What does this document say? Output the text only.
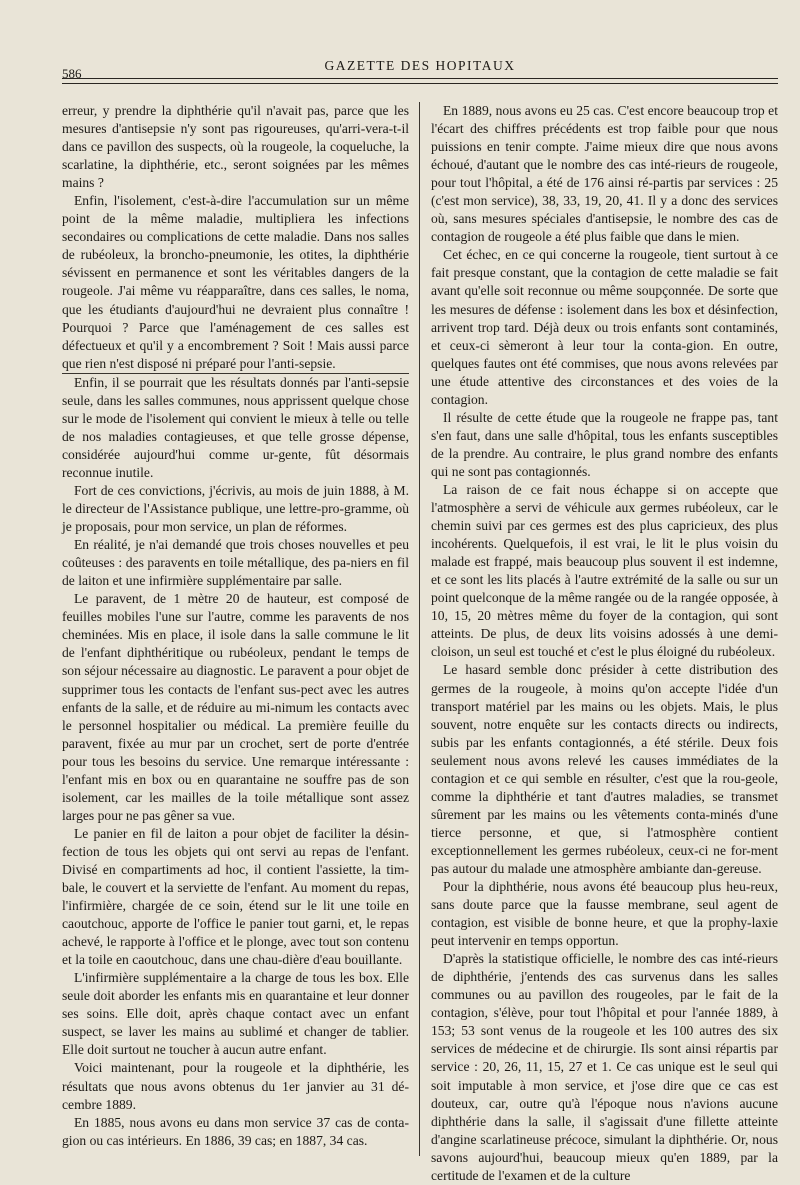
586
GAZETTE DES HOPITAUX

erreur, y prendre la diphthérie qu'il n'avait pas, parce que les mesures d'antisepsie n'y sont pas rigoureuses, qu'arri-vera-t-il dans ce pavillon des suspects, où la rougeole, la coqueluche, la scarlatine, la diphthérie, etc., seront soignées par les mêmes mains ?

Enfin, l'isolement, c'est-à-dire l'accumulation sur un même point de la même maladie, multipliera les infections secondaires ou complications de cette maladie. Dans nos salles de rubéoleux, la broncho-pneumonie, les otites, la diphthérie sévissent en permanence et sont les véritables dangers de la rougeole. J'ai même vu réapparaître, dans ces salles, le noma, que les étudiants d'aujourd'hui ne devraient plus connaître ! Pourquoi ? Parce que l'aménagement de ces salles est défectueux et qu'il y a encombrement ? Soit ! Mais aussi parce que rien n'est disposé ni préparé pour l'anti-sepsie.

Enfin, il se pourrait que les résultats donnés par l'anti-sepsie seule, dans les salles communes, nous apprissent quelque chose sur le mode de l'isolement qui convient le mieux à telle ou telle de nos maladies contagieuses, et que telle grosse dépense, considérée aujourd'hui comme ur-gente, fût désormais reconnue inutile.

Fort de ces convictions, j'écrivis, au mois de juin 1888, à M. le directeur de l'Assistance publique, une lettre-pro-gramme, où je proposais, pour mon service, un plan de réformes.

En réalité, je n'ai demandé que trois choses nouvelles et peu coûteuses : des paravents en toile métallique, des pa-niers en fil de laiton et une infirmière supplémentaire par salle.

Le paravent, de 1 mètre 20 de hauteur, est composé de feuilles mobiles l'une sur l'autre, comme les paravents de nos cheminées. Mis en place, il isole dans la salle commune le lit de l'enfant diphthéritique ou rubéoleux, pendant le temps de son séjour nécessaire au diagnostic. Le paravent a pour objet de supprimer tous les contacts de l'enfant sus-pect avec les autres enfants de la salle, et de réduire au mi-nimum les contacts avec le personnel hospitalier ou médical. La première feuille du paravent, fixée au mur par un crochet, sert de porte d'entrée pour tous les besoins du service. Une remarque intéressante : l'enfant mis en box ou en quarantaine ne souffre pas de son isolement, car les mailles de la toile métallique sont assez larges pour ne pas gêner sa vue.

Le panier en fil de laiton a pour objet de faciliter la désin-fection de tous les objets qui ont servi au repas de l'enfant. Divisé en compartiments ad hoc, il contient l'assiette, la tim-bale, le couvert et la serviette de l'enfant. Au moment du repas, l'infirmière, chargée de ce soin, étend sur le lit une toile en caoutchouc, apporte de l'office le panier tout garni, et, le repas achevé, le rapporte à l'office et le plonge, avec tout son contenu et la toile en caoutchouc, dans une chau-dière d'eau bouillante.

L'infirmière supplémentaire a la charge de tous les box. Elle seule doit aborder les enfants mis en quarantaine et leur donner ses soins. Elle doit, après chaque contact avec un enfant suspect, se laver les mains au sublimé et changer de tablier. Elle doit surtout ne toucher à aucun autre enfant.

Voici maintenant, pour la rougeole et la diphthérie, les résultats que nous avons obtenus du 1er janvier au 31 dé-cembre 1889.

En 1885, nous avons eu dans mon service 37 cas de conta-gion ou cas intérieurs. En 1886, 39 cas; en 1887, 34 cas.

En 1889, nous avons eu 25 cas. C'est encore beaucoup trop et l'écart des chiffres précédents est trop faible pour que nous puissions en tenir compte. J'aime mieux dire que nous avons échoué, d'autant que le nombre des cas inté-rieurs de rougeole, pour tout l'hôpital, a été de 176 ainsi ré-partis par services : 25 (c'est mon service), 38, 33, 19, 20, 41. Il y a donc des services où, sans mesures spéciales d'antisepsie, le nombre des cas de contagion de rougeole a été plus faible que dans le mien.

Cet échec, en ce qui concerne la rougeole, tient surtout à ce fait presque constant, que la contagion de cette maladie se fait avant qu'elle soit reconnue ou même soupçonnée. De sorte que les mesures de défense : isolement dans les box et désinfection, arrivent trop tard. Déjà deux ou trois enfants sont contaminés, et ceux-ci sèmeront à leur tour la conta-gion. En outre, quelques fautes ont été commises, que nous avons relevées par une étude attentive des circonstances et des voies de la contagion.

Il résulte de cette étude que la rougeole ne frappe pas, tant s'en faut, dans une salle d'hôpital, tous les enfants susceptibles de la prendre. Au contraire, le plus grand nombre des enfants qui ne sont pas contagionnés.

La raison de ce fait nous échappe si on accepte que l'atmosphère a servi de véhicule aux germes rubéoleux, car le chemin suivi par ces germes est des plus capricieux, des plus incohérents. Quelquefois, il est vrai, le lit le plus voisin du malade est frappé, mais beaucoup plus souvent il est indemne, et ce sont les lits placés à l'autre extrémité de la salle ou sur un point quelconque de la même rangée ou de la rangée opposée, à 10, 15, 20 mètres même du foyer de la contagion, qui sont atteints. De plus, de deux lits voisins adossés à une demi-cloison, un seul est touché et c'est le plus éloigné du rubéoleux.

Le hasard semble donc présider à cette distribution des germes de la rougeole, à moins qu'on accepte l'idée d'un transport matériel par les mains ou les objets. Mais, le plus souvent, notre enquête sur les contacts directs ou indirects, subis par les enfants contagionnés, a été stérile. Deux fois seulement nous avons relevé les causes immédiates de la contagion et ce qui semble en résulter, c'est que la rou-geole, comme la diphthérie et tant d'autres maladies, se transmet sûrement par les mains ou les vêtements conta-minés d'une tierce personne, et que, si l'atmosphère contient exceptionnellement les germes rubéoleux, ceux-ci ne for-ment pas autour du malade une atmosphère ambiante dan-gereuse.

Pour la diphthérie, nous avons été beaucoup plus heu-reux, sans doute parce que la fausse membrane, seul agent de contagion, est visible de bonne heure, et que la prophy-laxie peut intervenir en temps opportun.

D'après la statistique officielle, le nombre des cas inté-rieurs de diphthérie, j'entends des cas survenus dans les salles communes ou au pavillon des rougeoles, par le fait de la contagion, s'élève, pour tout l'hôpital et pour l'année 1889, à 153; 53 sont venus de la rougeole et les 100 autres des six services de médecine et de chirurgie. Ils sont ainsi répartis par service : 20, 26, 11, 15, 27 et 1. Ce cas unique est le seul qui soit imputable à mon service, et j'ose dire que ce cas est douteux, car, outre qu'à l'époque nous n'avions aucune diphthérie dans la salle, il s'agissait d'une fillette atteinte d'angine scarlatineuse précoce, simulant la diphthérie. Or, nous savons aujourd'hui, beaucoup mieux qu'en 1889, par la certitude de l'examen et de la culture
